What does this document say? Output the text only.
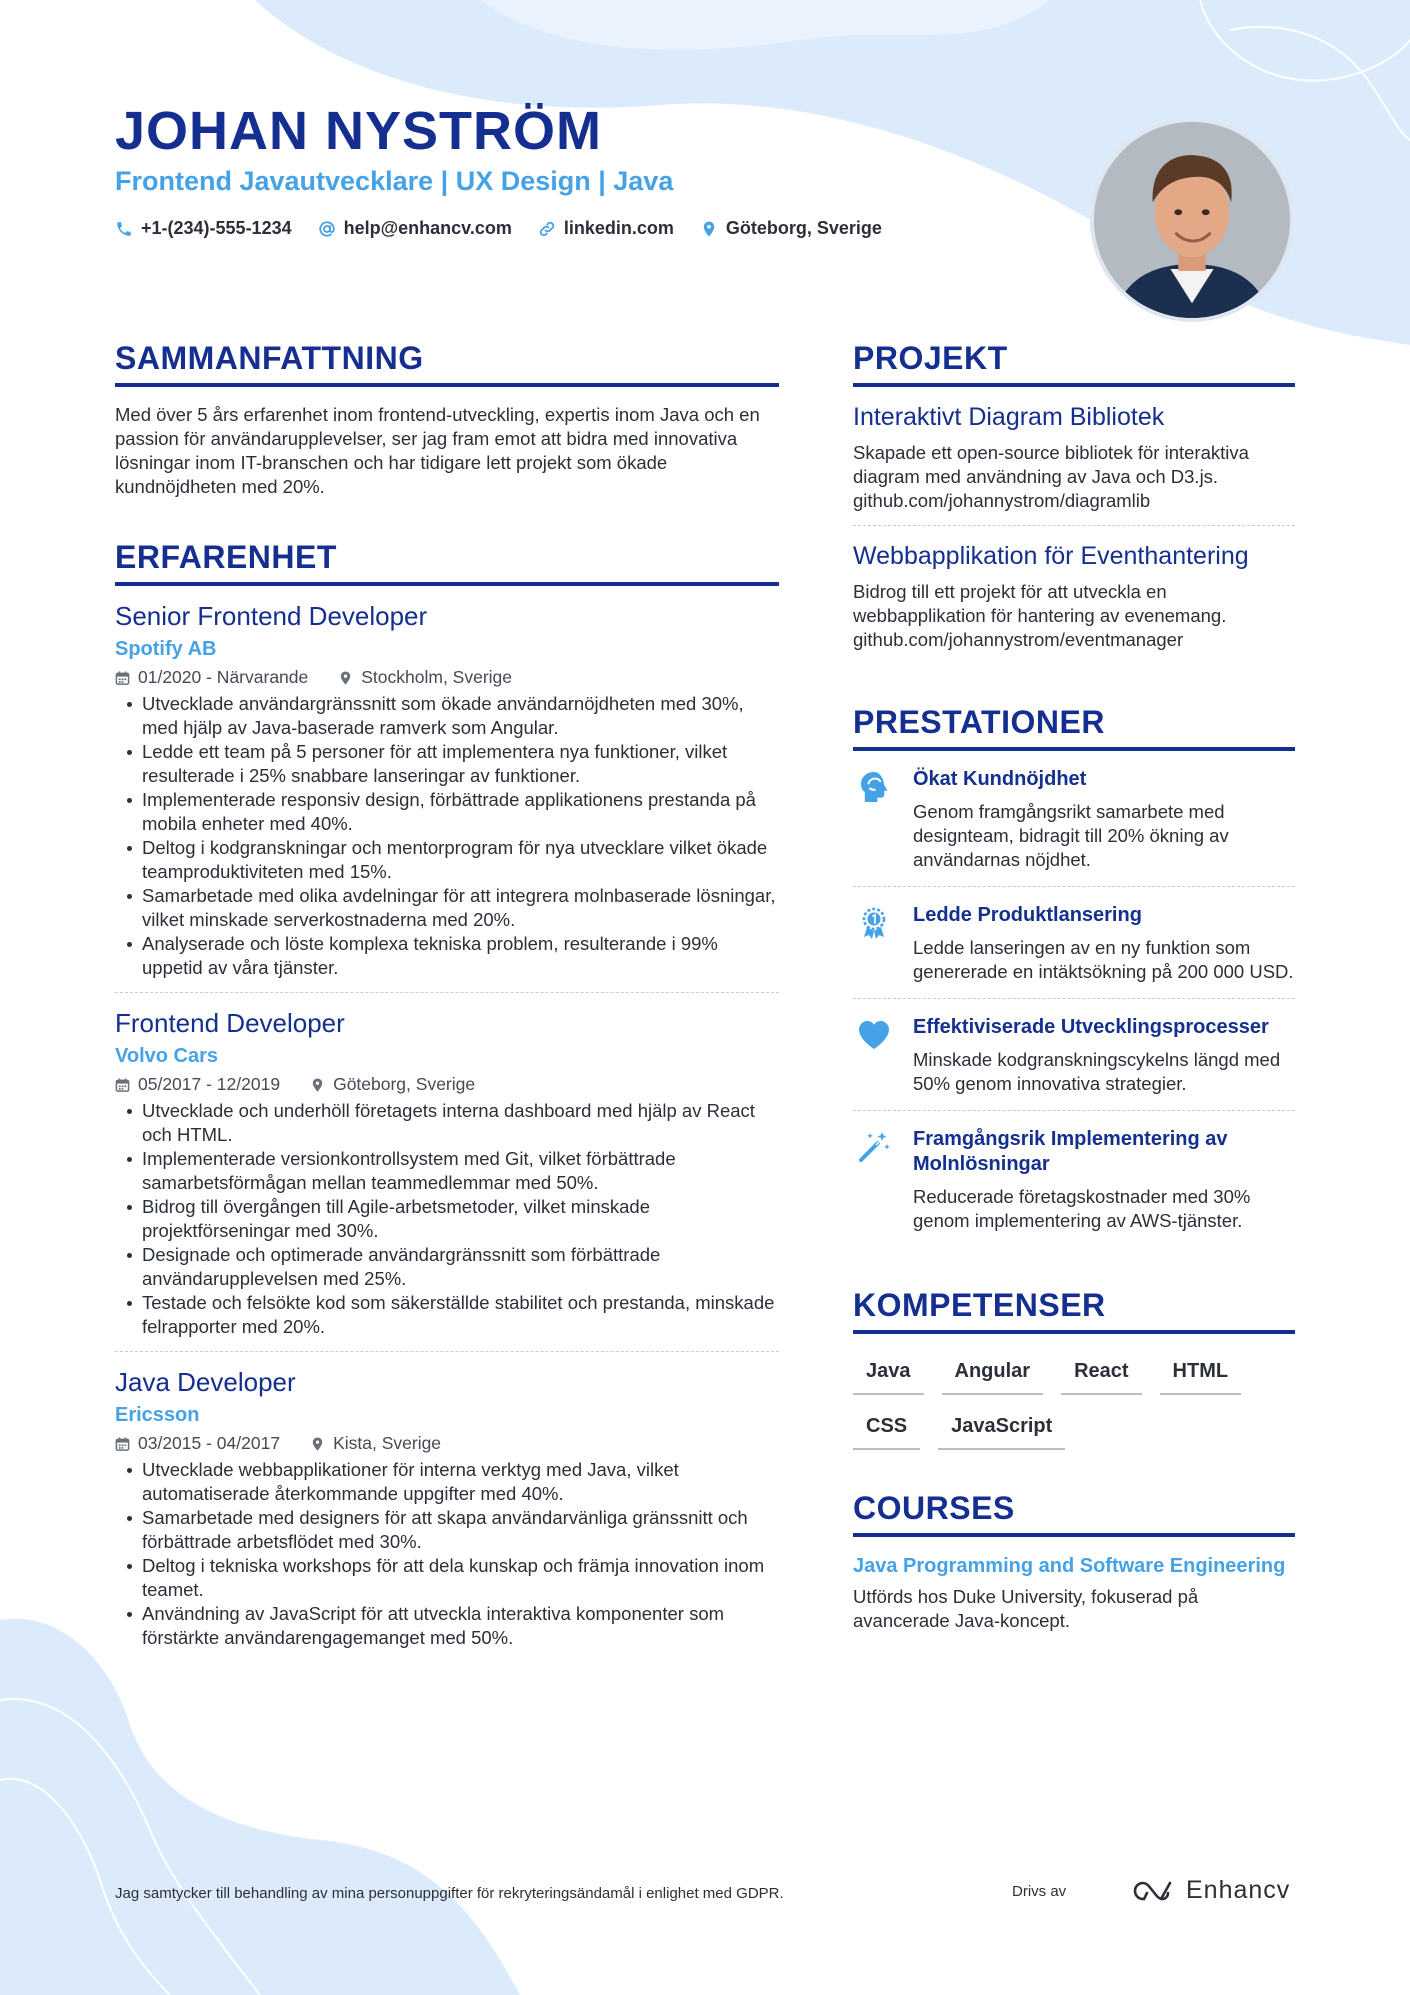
JOHAN NYSTRÖM
Frontend Javautvecklare | UX Design | Java
+1-(234)-555-1234	help@enhancv.com	linkedin.com	Göteborg, Sverige
SAMMANFATTNING

Med över 5 års erfarenhet inom frontend-utveckling, expertis inom Java och en passion för användarupplevelser, ser jag fram emot att bidra med innovativa lösningar inom IT-branschen och har tidigare lett projekt som ökade kundnöjdheten med 20%.

ERFARENHET
Senior Frontend Developer
Spotify AB
01/2020 - Närvarande	Stockholm, Sverige
Utvecklade användargränssnitt som ökade användarnöjdheten med 30%, med hjälp av Java-baserade ramverk som Angular.
Ledde ett team på 5 personer för att implementera nya funktioner, vilket resulterade i 25% snabbare lanseringar av funktioner.
Implementerade responsiv design, förbättrade applikationens prestanda på mobila enheter med 40%.
Deltog i kodgranskningar och mentorprogram för nya utvecklare vilket ökade teamproduktiviteten med 15%.
Samarbetade med olika avdelningar för att integrera molnbaserade lösningar, vilket minskade serverkostnaderna med 20%.
Analyserade och löste komplexa tekniska problem, resulterande i 99% uppetid av våra tjänster.
Frontend Developer
Volvo Cars
05/2017 - 12/2019	Göteborg, Sverige
Utvecklade och underhöll företagets interna dashboard med hjälp av React och HTML.
Implementerade versionkontrollsystem med Git, vilket förbättrade samarbetsförmågan mellan teammedlemmar med 50%.
Bidrog till övergången till Agile-arbetsmetoder, vilket minskade projektförseningar med 30%.
Designade och optimerade användargränssnitt som förbättrade användarupplevelsen med 25%.
Testade och felsökte kod som säkerställde stabilitet och prestanda, minskade felrapporter med 20%.
Java Developer
Ericsson
03/2015 - 04/2017	Kista, Sverige
Utvecklade webbapplikationer för interna verktyg med Java, vilket automatiserade återkommande uppgifter med 40%.
Samarbetade med designers för att skapa användarvänliga gränssnitt och förbättrade arbetsflödet med 30%.
Deltog i tekniska workshops för att dela kunskap och främja innovation inom teamet.
Användning av JavaScript för att utveckla interaktiva komponenter som förstärkte användarengagemanget med 50%.
PROJEKT
Interaktivt Diagram Bibliotek
Skapade ett open-source bibliotek för interaktiva diagram med användning av Java och D3.js. github.com/johannystrom/diagramlib
Webbapplikation för Eventhantering
Bidrog till ett projekt för att utveckla en webbapplikation för hantering av evenemang. github.com/johannystrom/eventmanager
PRESTATIONER
Ökat Kundnöjdhet
Genom framgångsrikt samarbete med designteam, bidragit till 20% ökning av användarnas nöjdhet.
Ledde Produktlansering
Ledde lanseringen av en ny funktion som genererade en intäktsökning på 200 000 USD.
Effektiviserade Utvecklingsprocesser
Minskade kodgranskningscykelns längd med 50% genom innovativa strategier.
Framgångsrik Implementering av Molnlösningar
Reducerade företagskostnader med 30% genom implementering av AWS-tjänster.
KOMPETENSER
Java	Angular	React	HTML
CSS	JavaScript
COURSES
Java Programming and Software Engineering
Utförds hos Duke University, fokuserad på avancerade Java-koncept.
Jag samtycker till behandling av mina personuppgifter för rekryteringsändamål i enlighet med GDPR.	Drivs av	Enhancv
